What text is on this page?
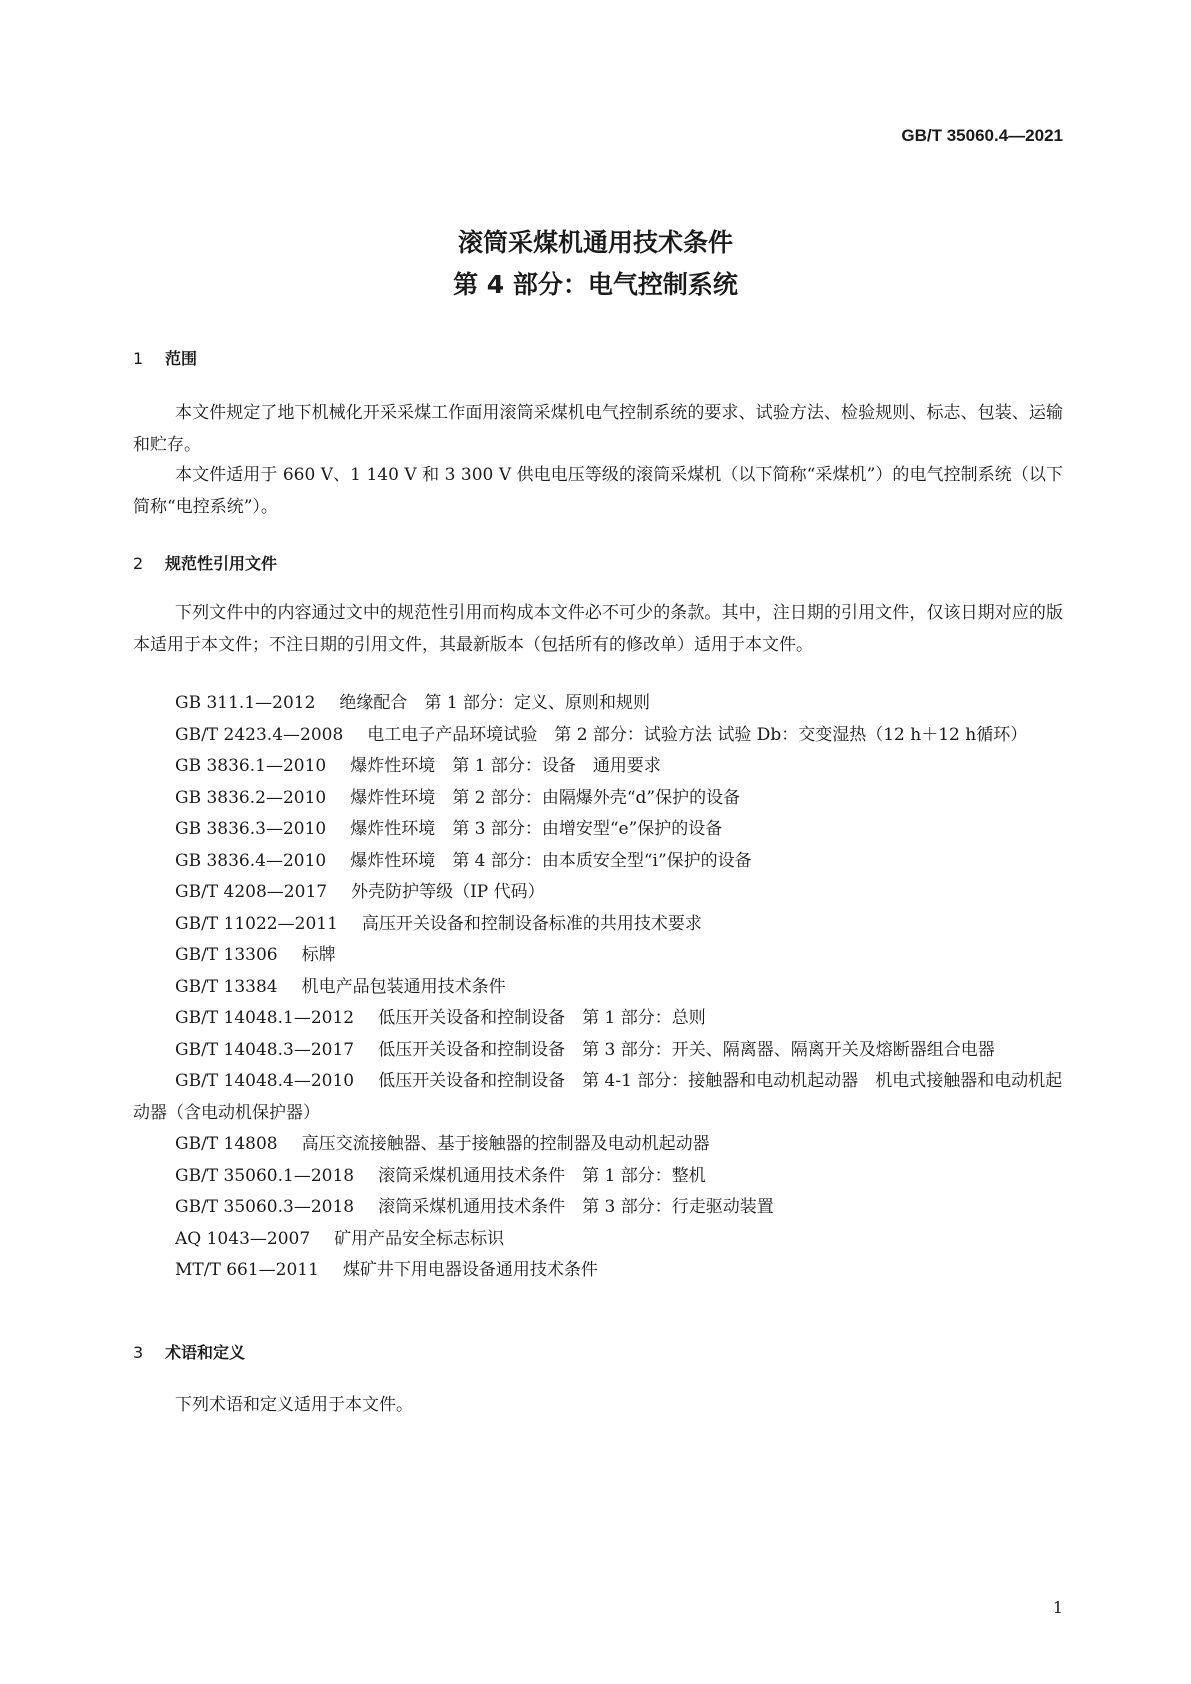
GB/T 35060.4—2021
滚筒采煤机通用技术条件
第 4 部分：电气控制系统
1 范围

本文件规定了地下机械化开采采煤工作面用滚筒采煤机电气控制系统的要求、试验方法、检验规则、标志、包装、运输和贮存。

本文件适用于 660 V、1 140 V 和 3 300 V 供电电压等级的滚筒采煤机（以下简称“采煤机”）的电气控制系统（以下简称“电控系统”）。

2 规范性引用文件

下列文件中的内容通过文中的规范性引用而构成本文件必不可少的条款。其中，注日期的引用文件，仅该日期对应的版本适用于本文件；不注日期的引用文件，其最新版本（包括所有的修改单）适用于本文件。

GB 311.1—2012 绝缘配合　第 1 部分：定义、原则和规则
GB/T 2423.4—2008 电工电子产品环境试验　第 2 部分：试验方法 试验 Db：交变湿热（12 h＋12 h循环）
GB 3836.1—2010 爆炸性环境　第 1 部分：设备　通用要求
GB 3836.2—2010 爆炸性环境　第 2 部分：由隔爆外壳“d”保护的设备
GB 3836.3—2010 爆炸性环境　第 3 部分：由增安型“e”保护的设备
GB 3836.4—2010 爆炸性环境　第 4 部分：由本质安全型“i”保护的设备
GB/T 4208—2017 外壳防护等级（IP 代码）
GB/T 11022—2011 高压开关设备和控制设备标准的共用技术要求
GB/T 13306 标牌
GB/T 13384 机电产品包装通用技术条件
GB/T 14048.1—2012 低压开关设备和控制设备　第 1 部分：总则
GB/T 14048.3—2017 低压开关设备和控制设备　第 3 部分：开关、隔离器、隔离开关及熔断器组合电器
GB/T 14048.4—2010 低压开关设备和控制设备　第 4-1 部分：接触器和电动机起动器　机电式接触器和电动机起动器（含电动机保护器）
GB/T 14808 高压交流接触器、基于接触器的控制器及电动机起动器
GB/T 35060.1—2018 滚筒采煤机通用技术条件　第 1 部分：整机
GB/T 35060.3—2018 滚筒采煤机通用技术条件　第 3 部分：行走驱动装置
AQ 1043—2007 矿用产品安全标志标识
MT/T 661—2011 煤矿井下用电器设备通用技术条件
3 术语和定义

下列术语和定义适用于本文件。

1
